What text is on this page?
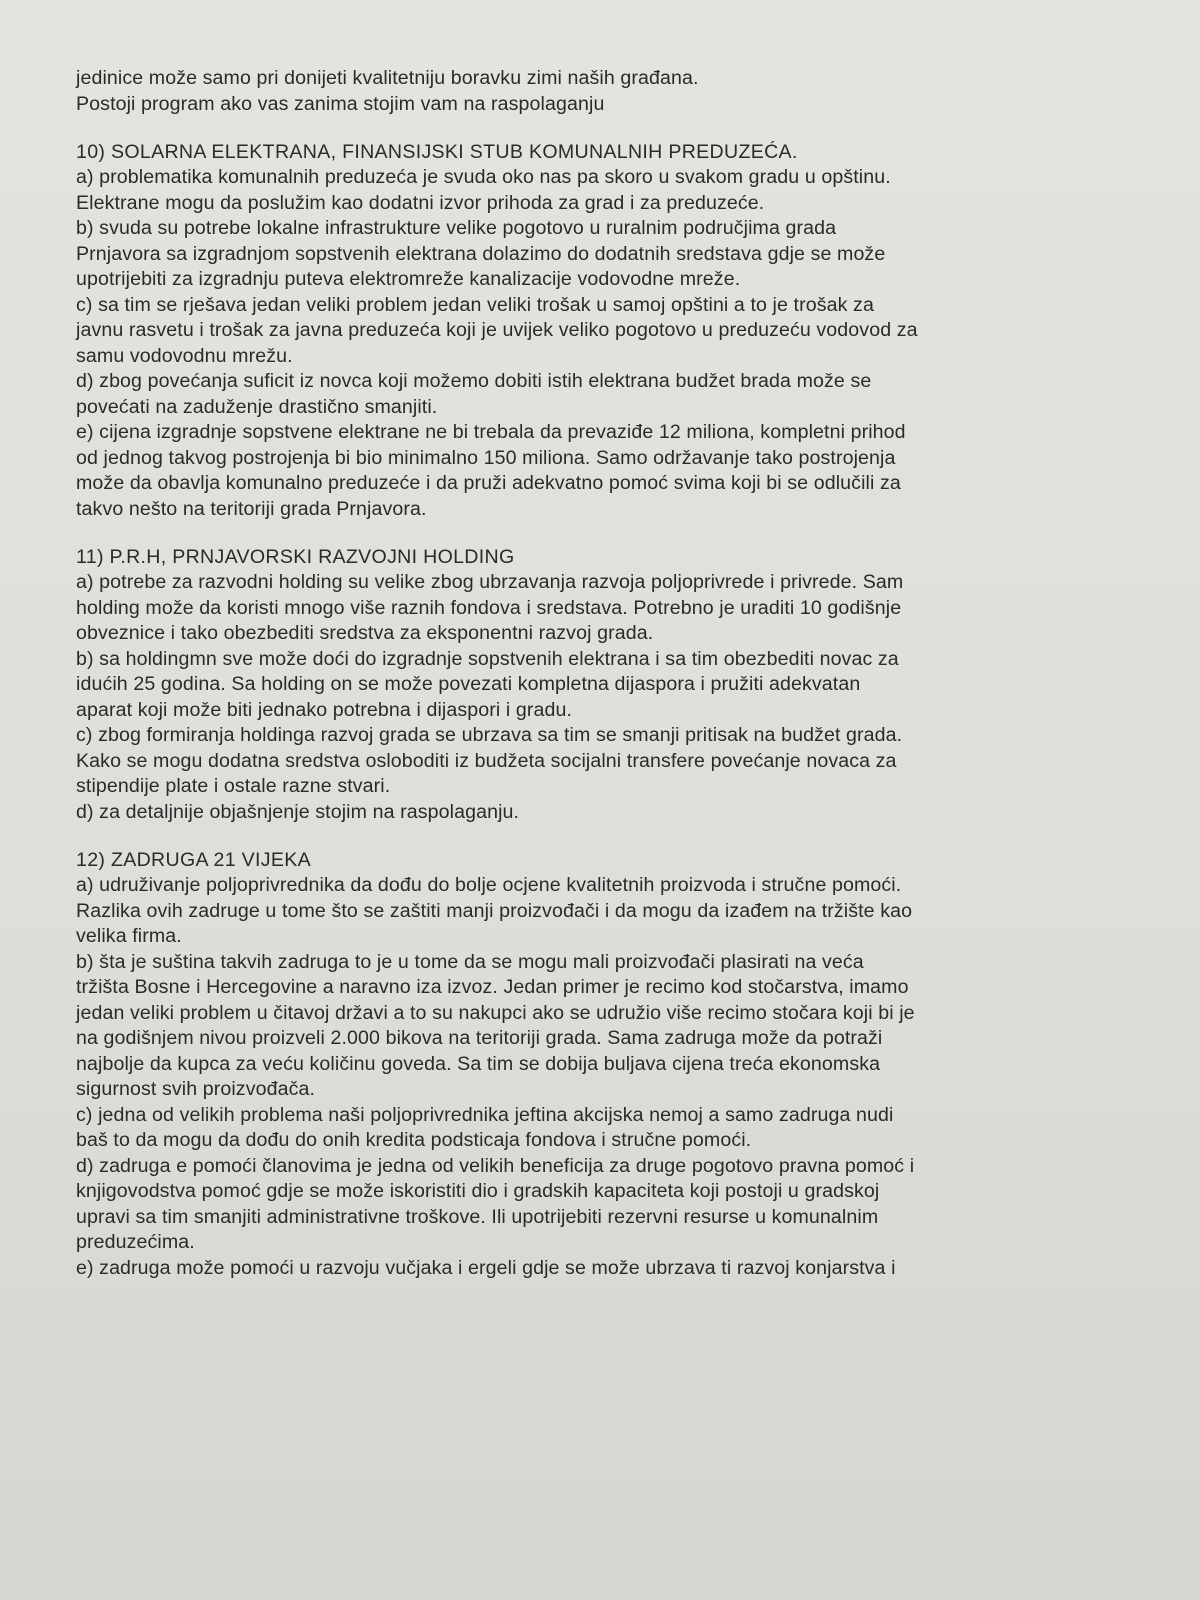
jedinice može samo pri donijeti kvalitetniju boravku zimi naših građana.

Postoji program ako vas zanima stojim vam na raspolaganju

10) SOLARNA ELEKTRANA, FINANSIJSKI STUB KOMUNALNIH PREDUZEĆA.

a) problematika komunalnih preduzeća je svuda oko nas pa skoro u svakom gradu u opštinu.
Elektrane mogu da poslužim kao dodatni izvor prihoda za grad i za preduzeće.
b) svuda su potrebe lokalne infrastrukture velike pogotovo u ruralnim područjima grada
Prnjavora sa izgradnjom sopstvenih elektrana dolazimo do dodatnih sredstava gdje se može
upotrijebiti za izgradnju puteva elektromreže kanalizacije vodovodne mreže.
c) sa tim se rješava jedan veliki problem jedan veliki trošak u samoj opštini a to je trošak za
javnu rasvetu i trošak za javna preduzeća koji je uvijek veliko pogotovo u preduzeću vodovod za
samu vodovodnu mrežu.
d) zbog povećanja suficit iz novca koji možemo dobiti istih elektrana budžet brada može se
povećati na zaduženje drastično smanjiti.
e) cijena izgradnje sopstvene elektrane ne bi trebala da prevaziđe 12 miliona, kompletni prihod
od jednog takvog postrojenja bi bio minimalno 150 miliona. Samo održavanje tako postrojenja
može da obavlja komunalno preduzeće i da pruži adekvatno pomoć svima koji bi se odlučili za
takvo nešto na teritoriji grada Prnjavora.

11) P.R.H, PRNJAVORSKI RAZVOJNI HOLDING

a) potrebe za razvodni holding su velike zbog ubrzavanja razvoja poljoprivrede i privrede. Sam
holding može da koristi mnogo više raznih fondova i sredstava. Potrebno je uraditi 10 godišnje
obveznice i tako obezbediti sredstva za eksponentni razvoj grada.
b) sa holdingmn sve može doći do izgradnje sopstvenih elektrana i sa tim obezbediti novac za
idućih 25 godina. Sa holding on se može povezati kompletna dijaspora i pružiti adekvatan
aparat koji može biti jednako potrebna i dijaspori i gradu.
c) zbog formiranja holdinga razvoj grada se ubrzava sa tim se smanji pritisak na budžet grada.
Kako se mogu dodatna sredstva osloboditi iz budžeta socijalni transfere povećanje novaca za
stipendije plate i ostale razne stvari.
d) za detaljnije objašnjenje stojim na raspolaganju.

12) ZADRUGA 21 VIJEKA

a) udruživanje poljoprivrednika da dođu do bolje ocjene kvalitetnih proizvoda i stručne pomoći.
Razlika ovih zadruge u tome što se zaštiti manji proizvođači i da mogu da izađem na tržište kao
velika firma.
b) šta je suština takvih zadruga to je u tome da se mogu mali proizvođači plasirati na veća
tržišta Bosne i Hercegovine a naravno iza izvoz. Jedan primer je recimo kod stočarstva, imamo
jedan veliki problem u čitavoj državi a to su nakupci ako se udružio više recimo stočara koji bi je
na godišnjem nivou proizveli 2.000 bikova na teritoriji grada. Sama zadruga može da potraži
najbolje da kupca za veću količinu goveda. Sa tim se dobija buljava cijena treća ekonomska
sigurnost svih proizvođača.
c) jedna od velikih problema naši poljoprivrednika jeftina akcijska nemoj a samo zadruga nudi
baš to da mogu da dođu do onih kredita podsticaja fondova i stručne pomoći.
d) zadruga e pomoći članovima je jedna od velikih beneficija za druge pogotovo pravna pomoć i
knjigovodstva pomoć gdje se može iskoristiti dio i gradskih kapaciteta koji postoji u gradskoj
upravi sa tim smanjiti administrativne troškove. Ili upotrijebiti rezervni resurse u komunalnim
preduzećima.
e) zadruga može pomoći u razvoju vučjaka i ergeli gdje se može ubrzava ti razvoj konjarstva i
